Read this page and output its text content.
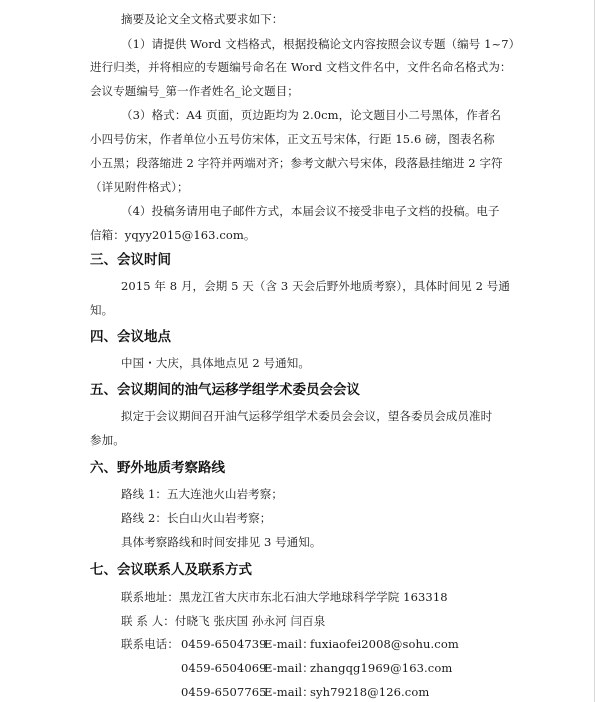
摘要及论文全文格式要求如下：
（1）请提供 Word 文档格式，根据投稿论文内容按照会议专题（编号 1~7）
进行归类，并将相应的专题编号命名在 Word 文档文件名中，文件名命名格式为：
会议专题编号_第一作者姓名_论文题目；
（3）格式：A4 页面，页边距均为 2.0cm，论文题目小二号黑体，作者名
小四号仿宋，作者单位小五号仿宋体，正文五号宋体，行距 15.6 磅，图表名称
小五黑；段落缩进 2 字符并两端对齐；参考文献六号宋体，段落悬挂缩进 2 字符
（详见附件格式）；
（4）投稿务请用电子邮件方式，本届会议不接受非电子文档的投稿。电子
信箱：yqyy2015@163.com。
三、会议时间
2015 年 8 月，会期 5 天（含 3 天会后野外地质考察），具体时间见 2 号通
知。
四、会议地点
中国・大庆，具体地点见 2 号通知。
五、会议期间的油气运移学组学术委员会会议
拟定于会议期间召开油气运移学组学术委员会会议，望各委员会成员准时
参加。
六、野外地质考察路线
路线 1：五大连池火山岩考察；
路线 2：长白山火山岩考察；
具体考察路线和时间安排见 3 号通知。
七、会议联系人及联系方式
联系地址：黑龙江省大庆市东北石油大学地球科学学院 163318
联 系 人：付晓飞 张庆国 孙永河 闫百泉
联系电话： 0459-6504739
E-mail：
fuxiaofei2008@sohu.com
0459-6504069
E-mail：
zhangqg1969@163.com
0459-6507765
E-mail：
syh79218@126.com
